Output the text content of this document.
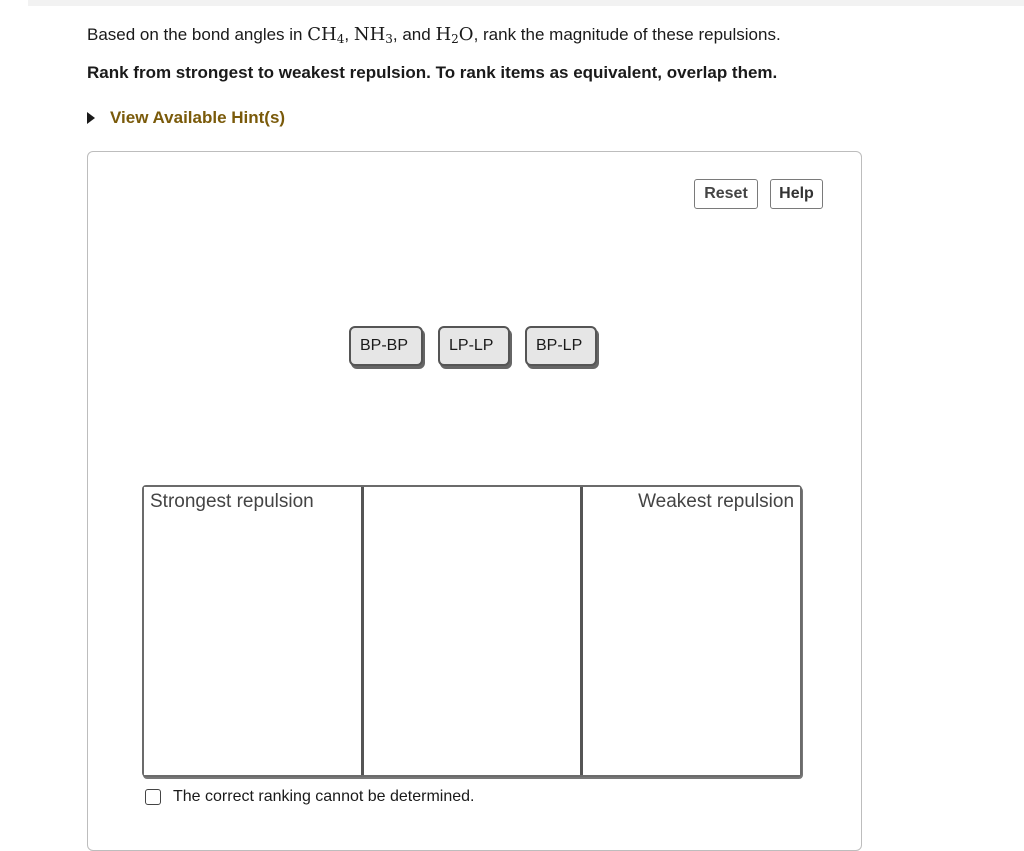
Based on the bond angles in $CH_4$, $NH_3$, and $H_2O$, rank the magnitude of these repulsions.
Rank from strongest to weakest repulsion. To rank items as equivalent, overlap them.
View Available Hint(s)
Reset	Help
BP-BP	LP-LP	BP-LP
Strongest repulsion	Weakest repulsion
The correct ranking cannot be determined.
